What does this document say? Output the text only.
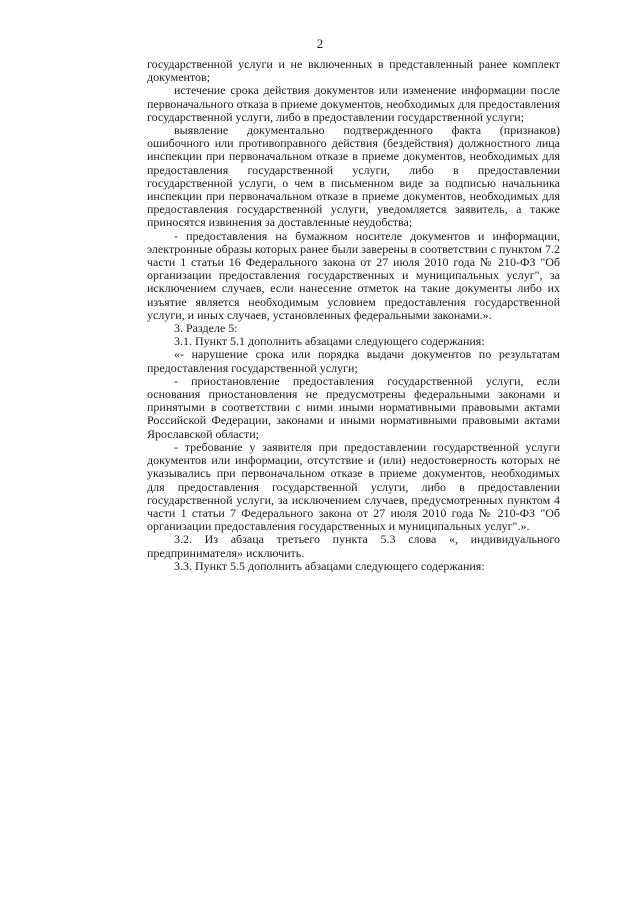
2

государственной услуги и не включенных в представленный ранее комплект документов;

истечение срока действия документов или изменение информации после первоначального отказа в приеме документов, необходимых для предоставления государственной услуги, либо в предоставлении государственной услуги;

выявление документально подтвержденного факта (признаков) ошибочного или противоправного действия (бездействия) должностного лица инспекции при первоначальном отказе в приеме документов, необходимых для предоставления государственной услуги, либо в предоставлении государственной услуги, о чем в письменном виде за подписью начальника инспекции при первоначальном отказе в приеме документов, необходимых для предоставления государственной услуги, уведомляется заявитель, а также приносятся извинения за доставленные неудобства;

- предоставления на бумажном носителе документов и информации, электронные образы которых ранее были заверены в соответствии с пунктом 7.2 части 1 статьи 16 Федерального закона от 27 июля 2010 года № 210-ФЗ "Об организации предоставления государственных и муниципальных услуг", за исключением случаев, если нанесение отметок на такие документы либо их изъятие является необходимым условием предоставления государственной услуги, и иных случаев, установленных федеральными законами.».

3. Разделе 5:

3.1. Пункт 5.1 дополнить абзацами следующего содержания:

«- нарушение срока или порядка выдачи документов по результатам предоставления государственной услуги;

- приостановление предоставления государственной услуги, если основания приостановления не предусмотрены федеральными законами и принятыми в соответствии с ними иными нормативными правовыми актами Российской Федерации, законами и иными нормативными правовыми актами Ярославской области;

- требование у заявителя при предоставлении государственной услуги документов или информации, отсутствие и (или) недостоверность которых не указывались при первоначальном отказе в приеме документов, необходимых для предоставления государственной услуги, либо в предоставлении государственной услуги, за исключением случаев, предусмотренных пунктом 4 части 1 статьи 7 Федерального закона от 27 июля 2010 года № 210-ФЗ "Об организации предоставления государственных и муниципальных услуг".».

3.2. Из абзаца третьего пункта 5.3 слова «, индивидуального предпринимателя» исключить.

3.3. Пункт 5.5 дополнить абзацами следующего содержания:
